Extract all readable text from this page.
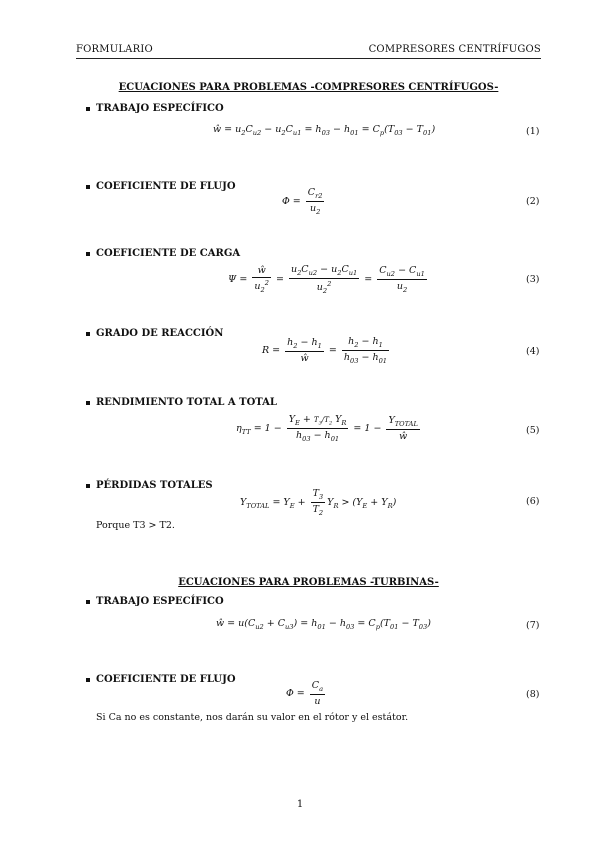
FORMULARIO	COMPRESORES CENTRÍFUGOS
ECUACIONES PARA PROBLEMAS -COMPRESORES CENTRÍFUGOS-
TRABAJO ESPECÍFICO
ŵ = $u_2C_{u2} - u_2C_{u1} = h_{03} - h_{01} = C_p(T_{03} - T_{01})$	(1)
COEFICIENTE DE FLUJO
$\Phi = \frac{C_{r2}}{u_2}$	(2)
COEFICIENTE DE CARGA
$\Psi = \frac{ŵ}{u_2^2} = \frac{u_2C_{u2} - u_2C_{u1}}{u_2^2} = \frac{C_{u2} - C_{u1}}{u_2}$	(3)
GRADO DE REACCIÓN
$R = \frac{h_2 - h_1}{ŵ} = \frac{h_2 - h_1}{h_{03} - h_{01}}$	(4)
RENDIMIENTO TOTAL A TOTAL
$\eta_{TT} = 1 - \frac{Y_E + T_3/T_2 Y_R}{h_{03} - h_{01}} = 1 - \frac{Y_{TOTAL}}{ŵ}$	(5)
PÉRDIDAS TOTALES
$Y_{TOTAL} = Y_E + \frac{T_3}{T_2} Y_R > (Y_E + Y_R)$	(6)
Porque T3 > T2.
ECUACIONES PARA PROBLEMAS -TURBINAS-
TRABAJO ESPECÍFICO
ŵ = $u(C_{u2} + C_{u3}) = h_{01} - h_{03} = C_p(T_{01} - T_{03})$	(7)
COEFICIENTE DE FLUJO
$\Phi = \frac{C_a}{u}$	(8)
Si Ca no es constante, nos darán su valor en el rótor y el estátor.
1
